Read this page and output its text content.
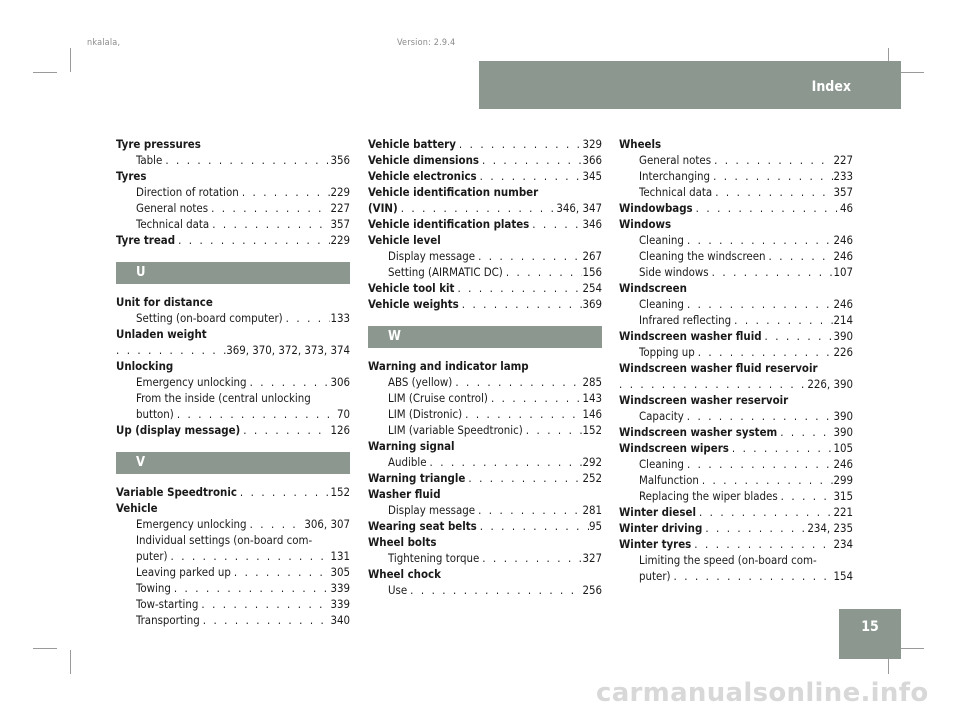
nkalala,	Version: 2.9.4
Index
Tyre pressures
Table . . .	356
Tyres
Direction of rotation . . .	229
General notes . . .	227
Technical data . . .	357
Tyre tread . . .	229
U
Unit for distance
Setting (on-board computer) . . .	133
Unladen weight
. . .
369, 370, 372, 373, 374
Unlocking
Emergency unlocking . . .	306
From the inside (central unlocking
button) . . .	70
Up (display message) . . .	126
V
Variable Speedtronic . . .	152
Vehicle
Emergency unlocking . . .	306, 307
Individual settings (on-board com-
puter) . . .	131
Leaving parked up . . .	305
Towing . . .	339
Tow-starting . . .	339
Transporting . . .	340
Vehicle battery . . .	329
Vehicle dimensions . . .	366
Vehicle electronics . . .	345
Vehicle identification number
(VIN) . . .	346, 347
Vehicle identification plates . . .	346
Vehicle level
Display message . . .	267
Setting (AIRMATIC DC) . . .	156
Vehicle tool kit . . .	254
Vehicle weights . . .	369
W
Warning and indicator lamp
ABS (yellow) . . .	285
LIM (Cruise control) . . .	143
LIM (Distronic) . . .	146
LIM (variable Speedtronic) . . .	152
Warning signal
Audible . . .	292
Warning triangle . . .	252
Washer fluid
Display message . . .	281
Wearing seat belts . . .	95
Wheel bolts
Tightening torque . . .	327
Wheel chock
Use . . .	256
Wheels
General notes . . .	227
Interchanging . . .	233
Technical data . . .	357
Windowbags . . .	46
Windows
Cleaning . . .	246
Cleaning the windscreen . . .	246
Side windows . . .	107
Windscreen
Cleaning . . .	246
Infrared reflecting . . .	214
Windscreen washer fluid . . .	390
Topping up . . .	226
Windscreen washer fluid reservoir
. . .
226, 390
Windscreen washer reservoir
Capacity . . .	390
Windscreen washer system . . .	390
Windscreen wipers . . .	105
Cleaning . . .	246
Malfunction . . .	299
Replacing the wiper blades . . .	315
Winter diesel . . .	221
Winter driving . . .	234, 235
Winter tyres . . .	234
Limiting the speed (on-board com-
puter) . . .	154
15
carmanualsonline.info
